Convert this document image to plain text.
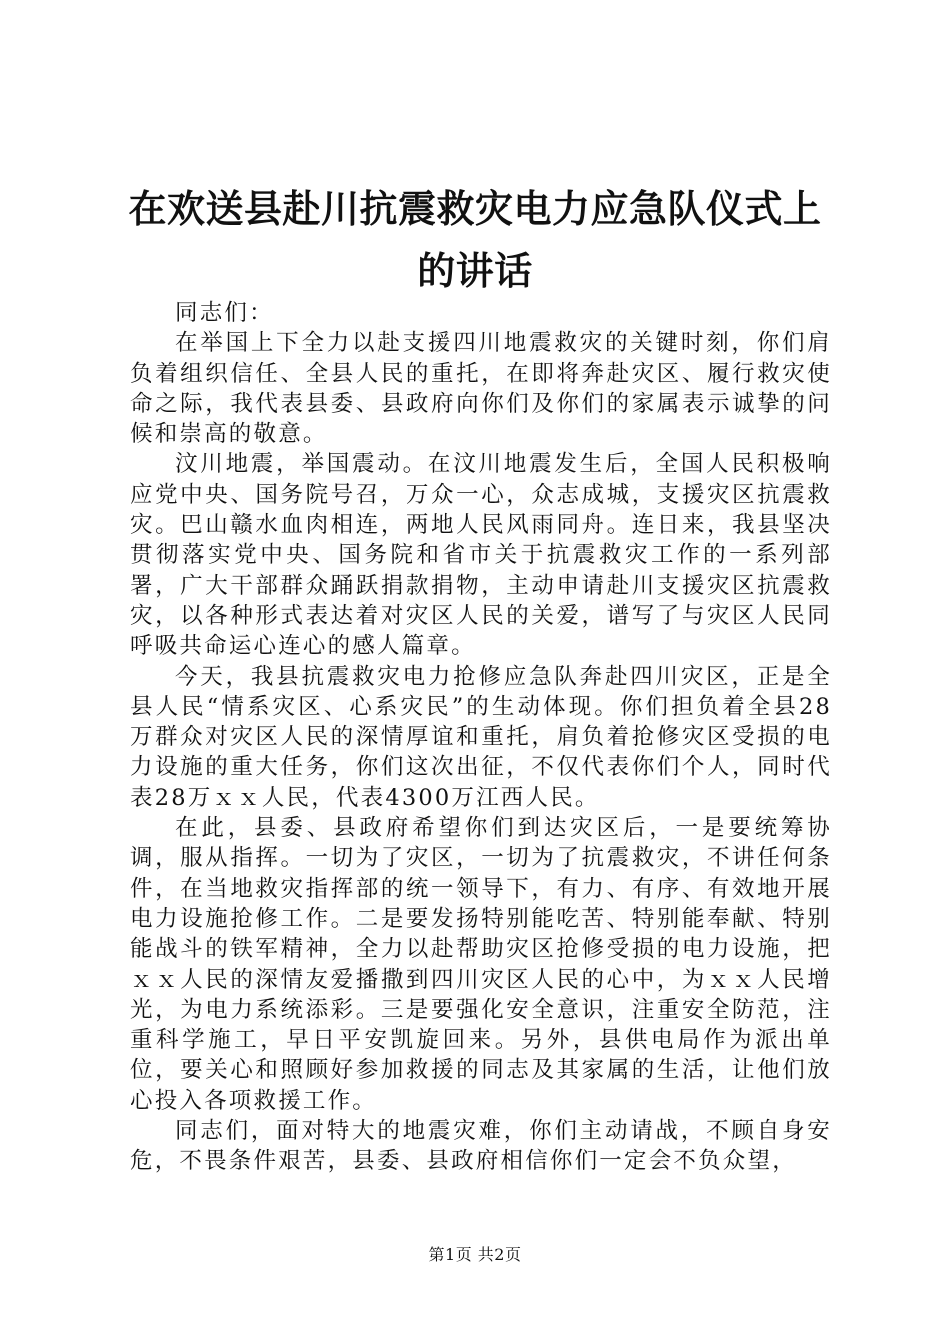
在欢送县赴川抗震救灾电力应急队仪式上的讲话

同志们：

在举国上下全力以赴支援四川地震救灾的关键时刻，你们肩负着组织信任、全县人民的重托，在即将奔赴灾区、履行救灾使命之际，我代表县委、县政府向你们及你们的家属表示诚挚的问候和崇高的敬意。

汶川地震，举国震动。在汶川地震发生后，全国人民积极响应党中央、国务院号召，万众一心，众志成城，支援灾区抗震救灾。巴山赣水血肉相连，两地人民风雨同舟。连日来，我县坚决贯彻落实党中央、国务院和省市关于抗震救灾工作的一系列部署，广大干部群众踊跃捐款捐物，主动申请赴川支援灾区抗震救灾，以各种形式表达着对灾区人民的关爱，谱写了与灾区人民同呼吸共命运心连心的感人篇章。

今天，我县抗震救灾电力抢修应急队奔赴四川灾区，正是全县人民“情系灾区、心系灾民”的生动体现。你们担负着全县28万群众对灾区人民的深情厚谊和重托，肩负着抢修灾区受损的电力设施的重大任务，你们这次出征，不仅代表你们个人，同时代表28万ｘｘ人民，代表4300万江西人民。

在此，县委、县政府希望你们到达灾区后，一是要统筹协调，服从指挥。一切为了灾区，一切为了抗震救灾，不讲任何条件，在当地救灾指挥部的统一领导下，有力、有序、有效地开展电力设施抢修工作。二是要发扬特别能吃苦、特别能奉献、特别能战斗的铁军精神，全力以赴帮助灾区抢修受损的电力设施，把ｘｘ人民的深情友爱播撒到四川灾区人民的心中，为ｘｘ人民增光，为电力系统添彩。三是要强化安全意识，注重安全防范，注重科学施工，早日平安凯旋回来。另外，县供电局作为派出单位，要关心和照顾好参加救援的同志及其家属的生活，让他们放心投入各项救援工作。

同志们，面对特大的地震灾难，你们主动请战，不顾自身安危，不畏条件艰苦，县委、县政府相信你们一定会不负众望，

第1页 共2页
